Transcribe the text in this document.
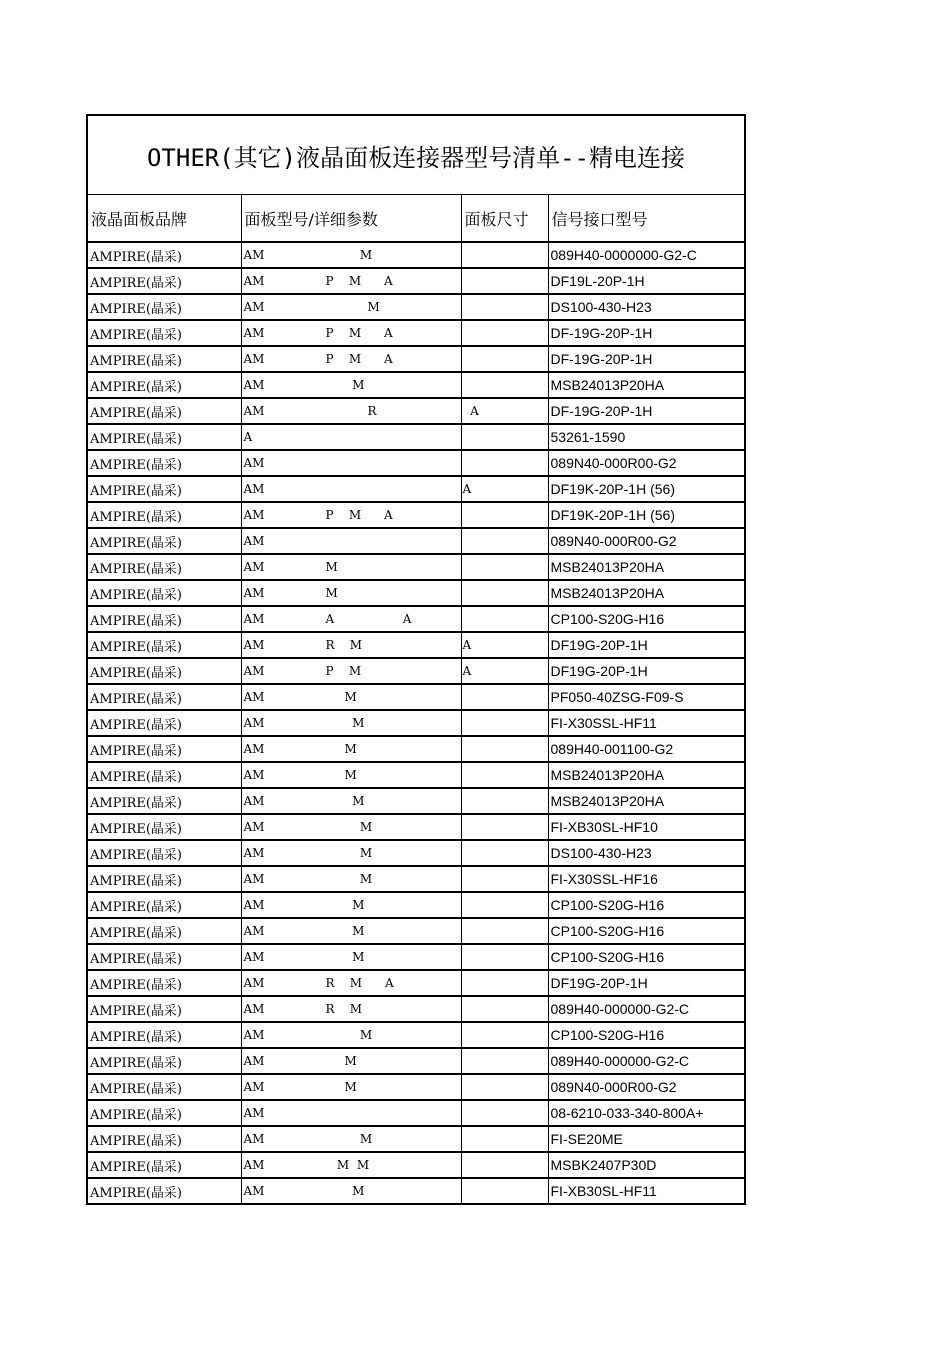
OTHER(其它)液晶面板连接器型号清单--精电连接
液晶面板品牌	面板型号/详细参数	面板尺寸	信号接口型号
AMPIRE(晶采)	AM                         M		089H40-0000000-G2-C
AMPIRE(晶采)	AM                P    M      A		DF19L-20P-1H
AMPIRE(晶采)	AM                           M		DS100-430-H23
AMPIRE(晶采)	AM                P    M      A		DF-19G-20P-1H
AMPIRE(晶采)	AM                P    M      A		DF-19G-20P-1H
AMPIRE(晶采)	AM                       M		MSB24013P20HA
AMPIRE(晶采)	AM                           R	A	DF-19G-20P-1H
AMPIRE(晶采)	A		53261-1590
AMPIRE(晶采)	AM		089N40-000R00-G2
AMPIRE(晶采)	AM	A	DF19K-20P-1H (56)
AMPIRE(晶采)	AM                P    M      A		DF19K-20P-1H (56)
AMPIRE(晶采)	AM		089N40-000R00-G2
AMPIRE(晶采)	AM                M		MSB24013P20HA
AMPIRE(晶采)	AM                M		MSB24013P20HA
AMPIRE(晶采)	AM                A                  A		CP100-S20G-H16
AMPIRE(晶采)	AM                R    M	A	DF19G-20P-1H
AMPIRE(晶采)	AM                P    M	A	DF19G-20P-1H
AMPIRE(晶采)	AM                     M		PF050-40ZSG-F09-S
AMPIRE(晶采)	AM                       M		FI-X30SSL-HF11
AMPIRE(晶采)	AM                     M		089H40-001100-G2
AMPIRE(晶采)	AM                     M		MSB24013P20HA
AMPIRE(晶采)	AM                       M		MSB24013P20HA
AMPIRE(晶采)	AM                         M		FI-XB30SL-HF10
AMPIRE(晶采)	AM                         M		DS100-430-H23
AMPIRE(晶采)	AM                         M		FI-X30SSL-HF16
AMPIRE(晶采)	AM                       M		CP100-S20G-H16
AMPIRE(晶采)	AM                       M		CP100-S20G-H16
AMPIRE(晶采)	AM                       M		CP100-S20G-H16
AMPIRE(晶采)	AM                R    M      A		DF19G-20P-1H
AMPIRE(晶采)	AM                R    M		089H40-000000-G2-C
AMPIRE(晶采)	AM                         M		CP100-S20G-H16
AMPIRE(晶采)	AM                     M		089H40-000000-G2-C
AMPIRE(晶采)	AM                     M		089N40-000R00-G2
AMPIRE(晶采)	AM		08-6210-033-340-800A+
AMPIRE(晶采)	AM                         M		FI-SE20ME
AMPIRE(晶采)	AM                   M  M		MSBK2407P30D
AMPIRE(晶采)	AM                       M		FI-XB30SL-HF11
